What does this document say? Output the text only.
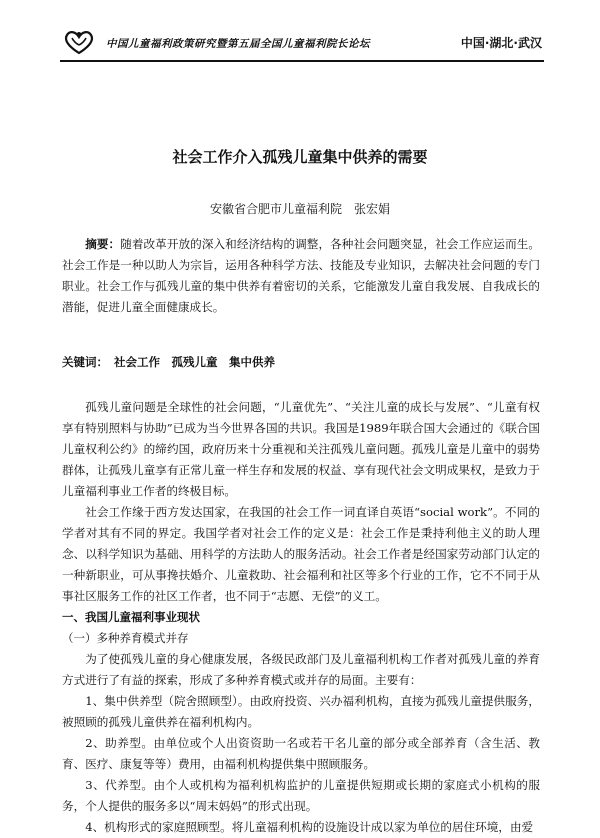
中国儿童福利政策研究暨第五届全国儿童福利院长论坛	中国·湖北·武汉
社会工作介入孤残儿童集中供养的需要
安徽省合肥市儿童福利院　张宏娟

摘要：随着改革开放的深入和经济结构的调整，各种社会问题突显，社会工作应运而生。社会工作是一种以助人为宗旨，运用各种科学方法、技能及专业知识，去解决社会问题的专门职业。社会工作与孤残儿童的集中供养有着密切的关系，它能激发儿童自我发展、自我成长的潜能，促进儿童全面健康成长。

关键词： 社会工作　孤残儿童　集中供养

孤残儿童问题是全球性的社会问题，“儿童优先”、“关注儿童的成长与发展”、“儿童有权享有特别照料与协助”已成为当今世界各国的共识。我国是1989年联合国大会通过的《联合国儿童权利公约》的缔约国，政府历来十分重视和关注孤残儿童问题。孤残儿童是儿童中的弱势群体，让孤残儿童享有正常儿童一样生存和发展的权益、享有现代社会文明成果权，是致力于儿童福利事业工作者的终极目标。

社会工作缘于西方发达国家，在我国的社会工作一词直译自英语“social work”。不同的学者对其有不同的界定。我国学者对社会工作的定义是：社会工作是秉持利他主义的助人理念、以科学知识为基础、用科学的方法助人的服务活动。社会工作者是经国家劳动部门认定的一种新职业，可从事搀扶婚介、儿童救助、社会福利和社区等多个行业的工作，它不不同于从事社区服务工作的社区工作者，也不同于“志愿、无偿”的义工。

一、我国儿童福利事业现状

（一）多种养育模式并存

为了使孤残儿童的身心健康发展，各级民政部门及儿童福利机构工作者对孤残儿童的养育方式进行了有益的探索，形成了多种养育模式或并存的局面。主要有：

1、集中供养型（院舍照顾型）。由政府投资、兴办福利机构，直接为孤残儿童提供服务，被照顾的孤残儿童供养在福利机构内。

2、助养型。由单位或个人出资资助一名或若干名儿童的部分或全部养育（含生活、教育、医疗、康复等等）费用，由福利机构提供集中照顾服务。

3、代养型。由个人或机构为福利机构监护的儿童提供短期或长期的家庭式小机构的服务，个人提供的服务多以“周末妈妈”的形式出现。

4、机构形式的家庭照顾型。将儿童福利机构的设施设计成以家为单位的居住环境，由爱
